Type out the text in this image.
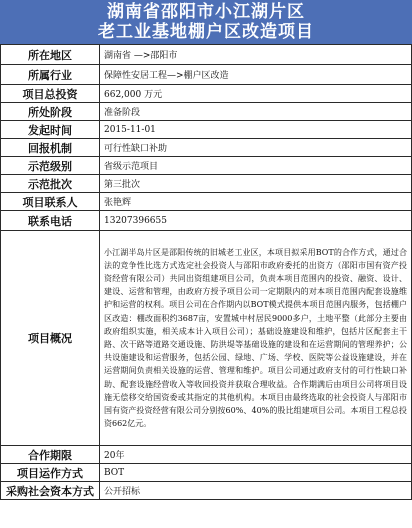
湖南省邵阳市小江湖片区
老工业基地棚户区改造项目
所在地区	湖南省 —>邵阳市
所属行业	保障性安居工程—>棚户区改造
项目总投资	662,000 万元
所处阶段	准备阶段
发起时间	2015-11-01
回报机制	可行性缺口补助
示范级别	省级示范项目
示范批次	第三批次
项目联系人	张艳辉
联系电话	13207396655
项目概况	小江湖半岛片区是邵阳传统的旧城老工业区，本项目拟采用BOT的合作方式，通过合法的竞争性比选方式选定社会投资人与邵阳市政府委托的出资方（邵阳市国有资产投资经营有限公司）共同出资组建项目公司，负责本项目范围内的投资、融资、设计、建设、运营和管理，由政府方授予项目公司一定期限内的对本项目范围内配套设施维护和运营的权利。项目公司在合作期内以BOT模式提供本项目范围内服务，包括棚户区改造：棚改面积约3687亩，安置城中村居民9000多户，土地平整（此部分主要由政府组织实施，相关成本计入项目公司）；基础设施建设和维护，包括片区配套主干路、次干路等道路交通设施、防洪堤等基础设施的建设和在运营期间的管理养护；公共设施建设和运营服务，包括公园、绿地、广场、学校、医院等公益设施建设，并在运营期间负责相关设施的运营、管理和维护。项目公司通过政府支付的可行性缺口补助、配套设施经营收入等收回投资并获取合理收益。合作期满后由项目公司将项目设施无偿移交给国资委或其指定的其他机构。本项目由最终选取的社会投资人与邵阳市国有资产投资经营有限公司分别按60%、40%的股比组建项目公司。本项目工程总投资662亿元。
合作期限	20年
项目运作方式	BOT
采购社会资本方式	公开招标
